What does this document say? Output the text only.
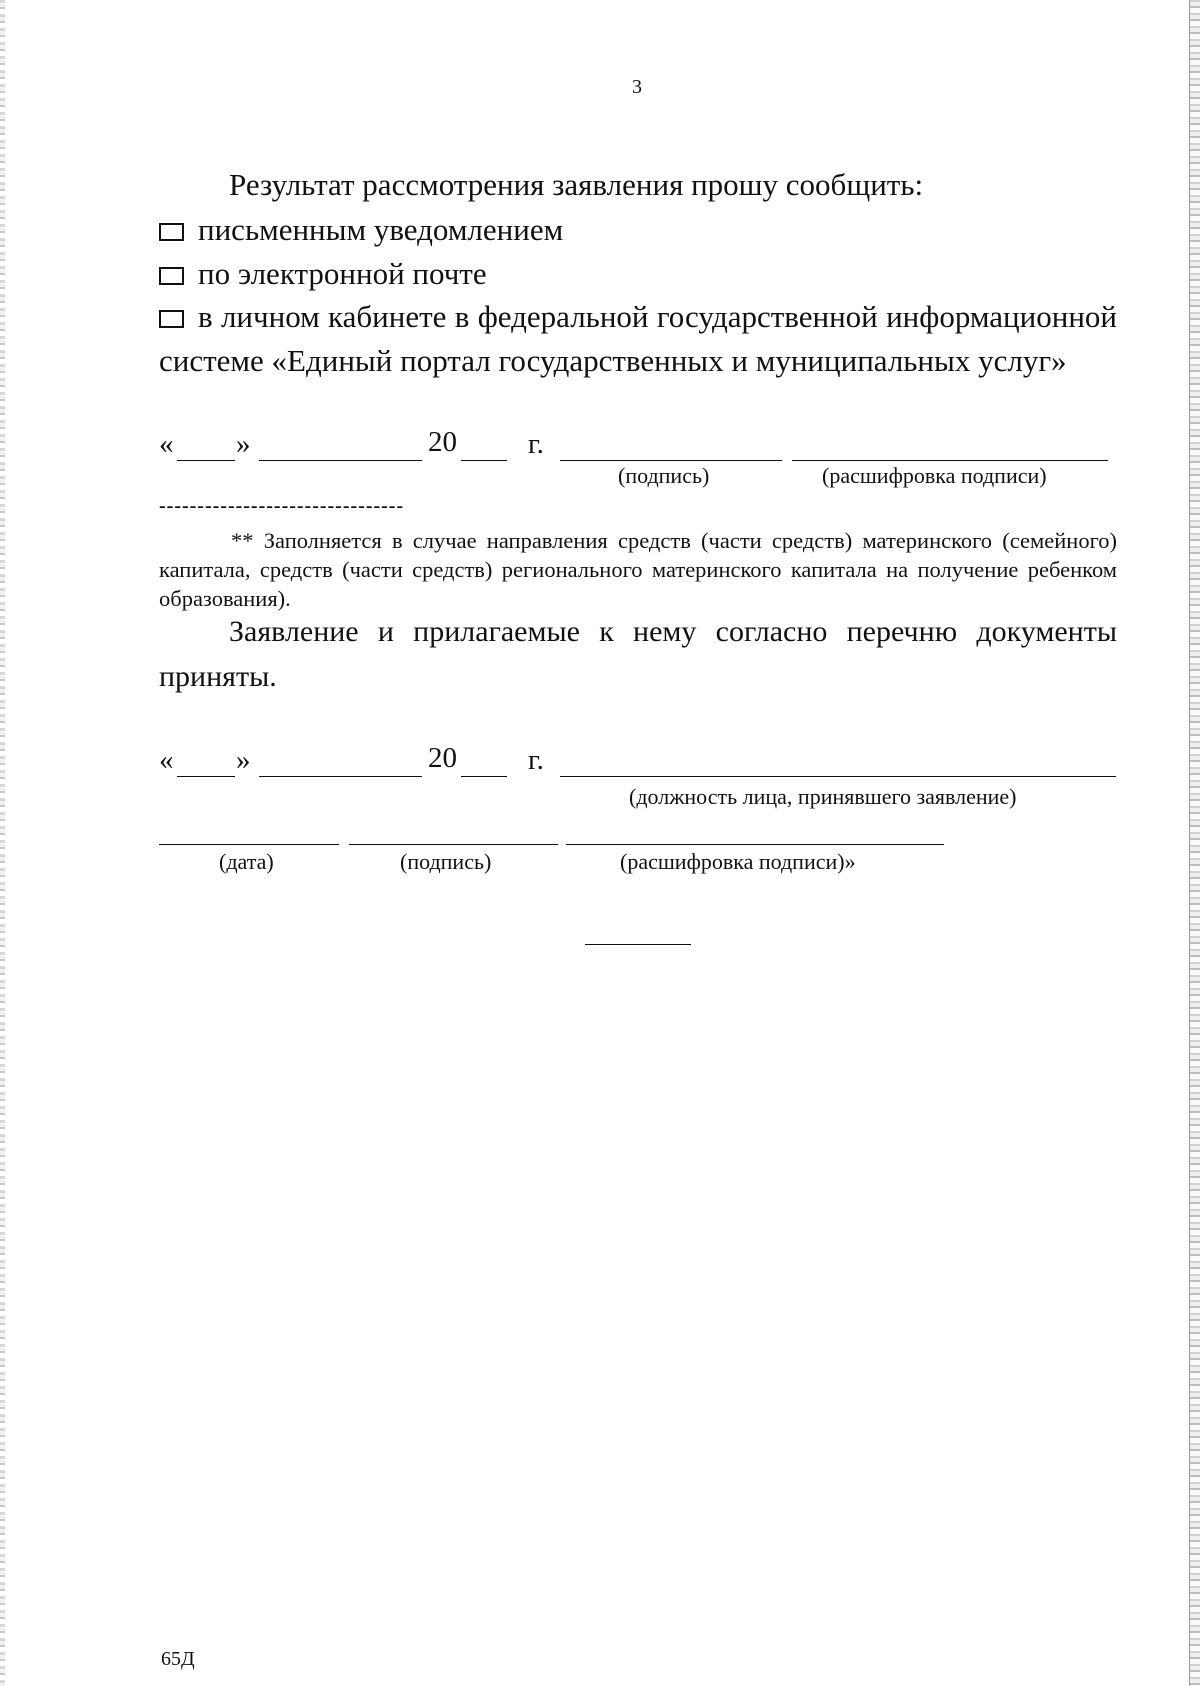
3
Результат рассмотрения заявления прошу сообщить:
письменным уведомлением
по электронной почте
в личном кабинете в федеральной государственной информационной
системе «Единый портал государственных и муниципальных услуг»
« »	20 г.
(подпись)	(расшифровка подписи)
--------------------------------
** Заполняется в случае направления средств (части средств) материнского (семейного) капитала, средств (части средств) регионального материнского капитала на получение ребенком образования).
Заявление и прилагаемые к нему согласно перечню документы приняты.
« »	20 г.
(должность лица, принявшего заявление)
(дата)	(подпись)	(расшифровка подписи)»
65Д
